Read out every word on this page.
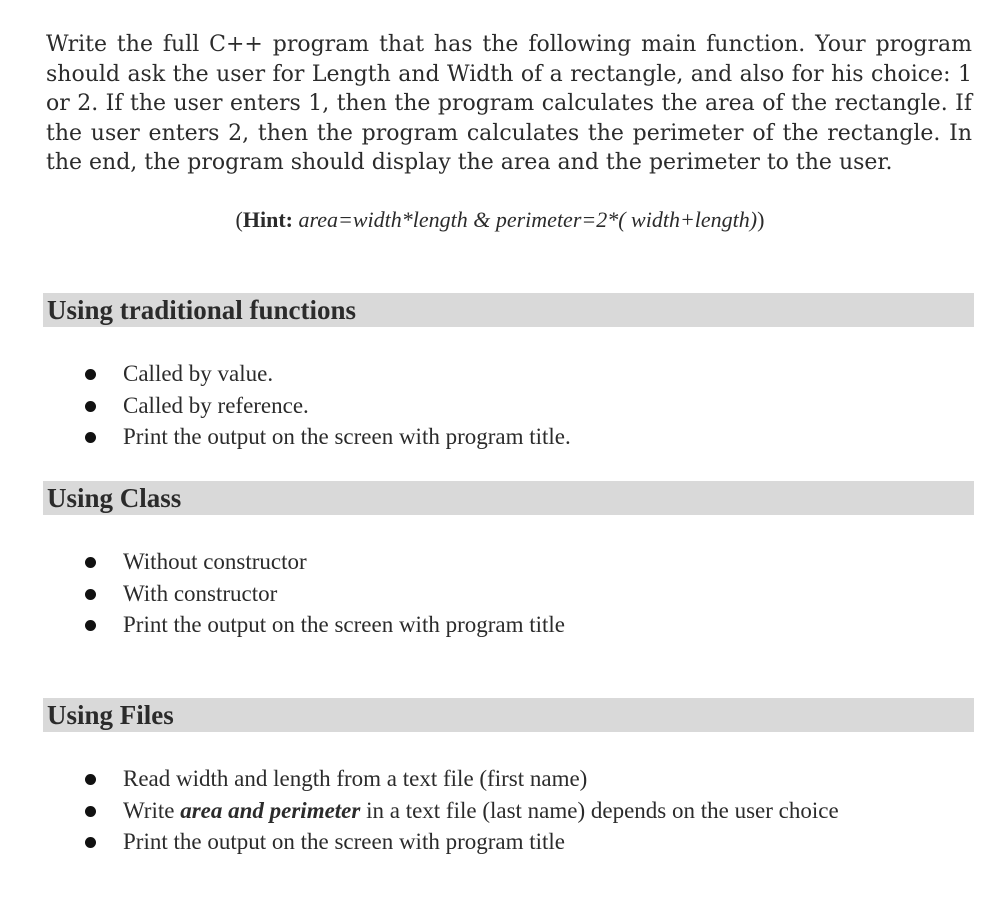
Write the full C++ program that has the following main function. Your program should ask the user for Length and Width of a rectangle, and also for his choice: 1 or 2. If the user enters 1, then the program calculates the area of the rectangle. If the user enters 2, then the program calculates the perimeter of the rectangle. In the end, the program should display the area and the perimeter to the user.

(Hint: area=width*length & perimeter=2*( width+length))

Using traditional functions
Called by value.
Called by reference.
Print the output on the screen with program title.
Using Class
Without constructor
With constructor
Print the output on the screen with program title
Using Files
Read width and length from a text file (first name)
Write area and perimeter in a text file (last name) depends on the user choice
Print the output on the screen with program title
